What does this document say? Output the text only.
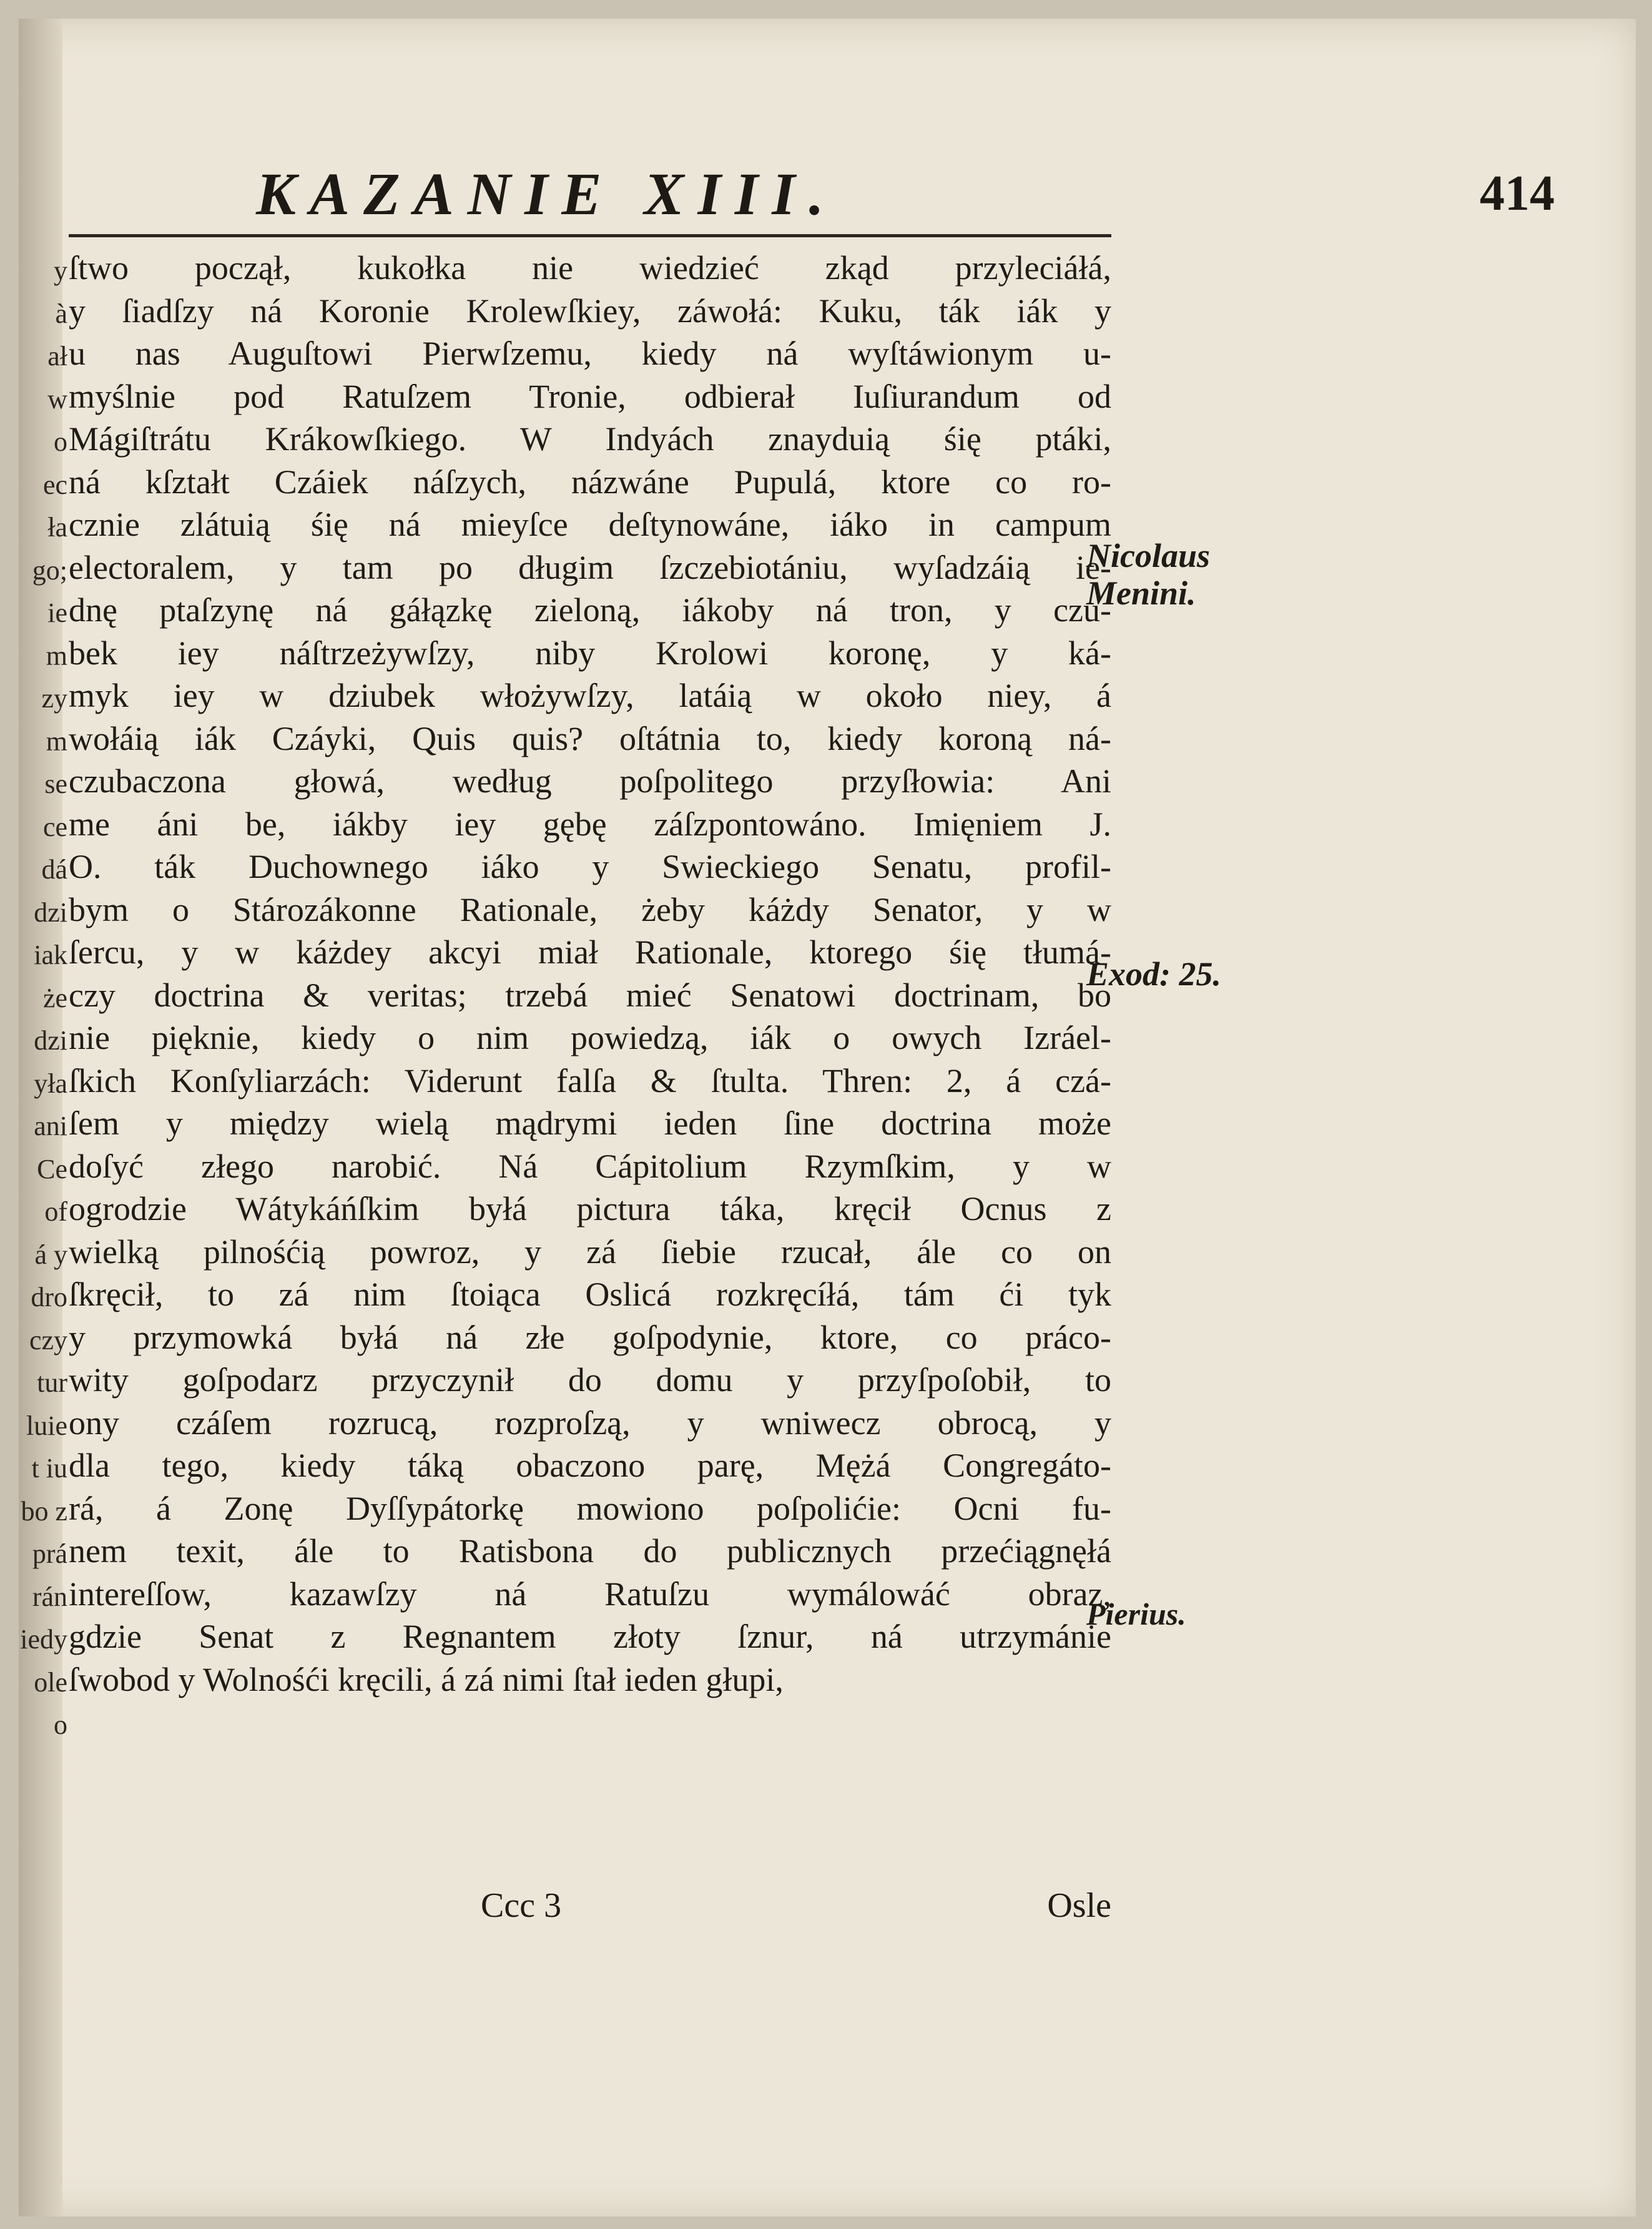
y
à
ał
w
o
ec
ła
go;
ie
m
zy
m
se
ce
dá
dzi
iak
że
dzi
yła
ani
Ce
of
á y
dro
czy
tur
luie
t iu
bo z
prá
rán
iedy
ole
o
KAZANIE XIII.	414
ſtwo począł, kukołka nie wiedzieć zkąd przyleciáłá,
y ſiadſzy ná Koronie Krolewſkiey, záwołá: Kuku, ták iák y
u nas Auguſtowi Pierwſzemu, kiedy ná wyſtáwionym u-
myślnie pod Ratuſzem Tronie, odbierał Iuſiurandum od
Mágiſtrátu Krákowſkiego. W Indyách znayduią śię ptáki,
ná kſztałt Czáiek náſzych, názwáne Pupulá, ktore co ro-
cznie zlátuią śię ná mieyſce deſtynowáne, iáko in campum
electoralem, y tam po długim ſzczebiotániu, wyſadzáią ie-
dnę ptaſzynę ná gáłązkę zieloną, iákoby ná tron, y czu-
bek iey náſtrzeżywſzy, niby Krolowi koronę, y ká-
myk iey w dziubek włożywſzy, latáią w około niey, á
wołáią iák Czáyki, Quis quis? oſtátnia to, kiedy koroną ná-
czubaczona głowá, według poſpolitego przyſłowia: Ani
me áni be, iákby iey gębę záſzpontowáno. Imięniem J.
O. ták Duchownego iáko y Swieckiego Senatu, profil-
bym o Stározákonne Rationale, żeby káżdy Senator, y w
ſercu, y w káżdey akcyi miał Rationale, ktorego śię tłumá-
czy doctrina & veritas; trzebá mieć Senatowi doctrinam, bo
nie pięknie, kiedy o nim powiedzą, iák o owych Izráel-
ſkich Konſyliarzách: Viderunt falſa & ſtulta. Thren: 2, á czá-
ſem y między wielą mądrymi ieden ſine doctrina może
doſyć złego narobić. Ná Cápitolium Rzymſkim, y w
ogrodzie Wátykáńſkim byłá pictura táka, kręcił Ocnus z
wielką pilnośćią powroz, y zá ſiebie rzucał, ále co on
ſkręcił, to zá nim ſtoiąca Oslicá rozkręcíłá, tám ći tyk
y przymowká byłá ná złe goſpodynie, ktore, co práco-
wity goſpodarz przyczynił do domu y przyſpoſobił, to
ony czáſem rozrucą, rozproſzą, y wniwecz obrocą, y
dla tego, kiedy táką obaczono parę, Mężá Congregáto-
rá, á Zonę Dyſſypátorkę mowiono poſpolićie: Ocni fu-
nem texit, ále to Ratisbona do publicznych przećiągnęłá
intereſſow, kazawſzy ná Ratuſzu wymálowáć obraz,
gdzie Senat z Regnantem złoty ſznur, ná utrzymánie
ſwobod y Wolnośći kręcili, á zá nimi ſtał ieden głupi,
Nicolaus Menini.
Exod: 25.
Pierius.
Ccc 3	Osle
